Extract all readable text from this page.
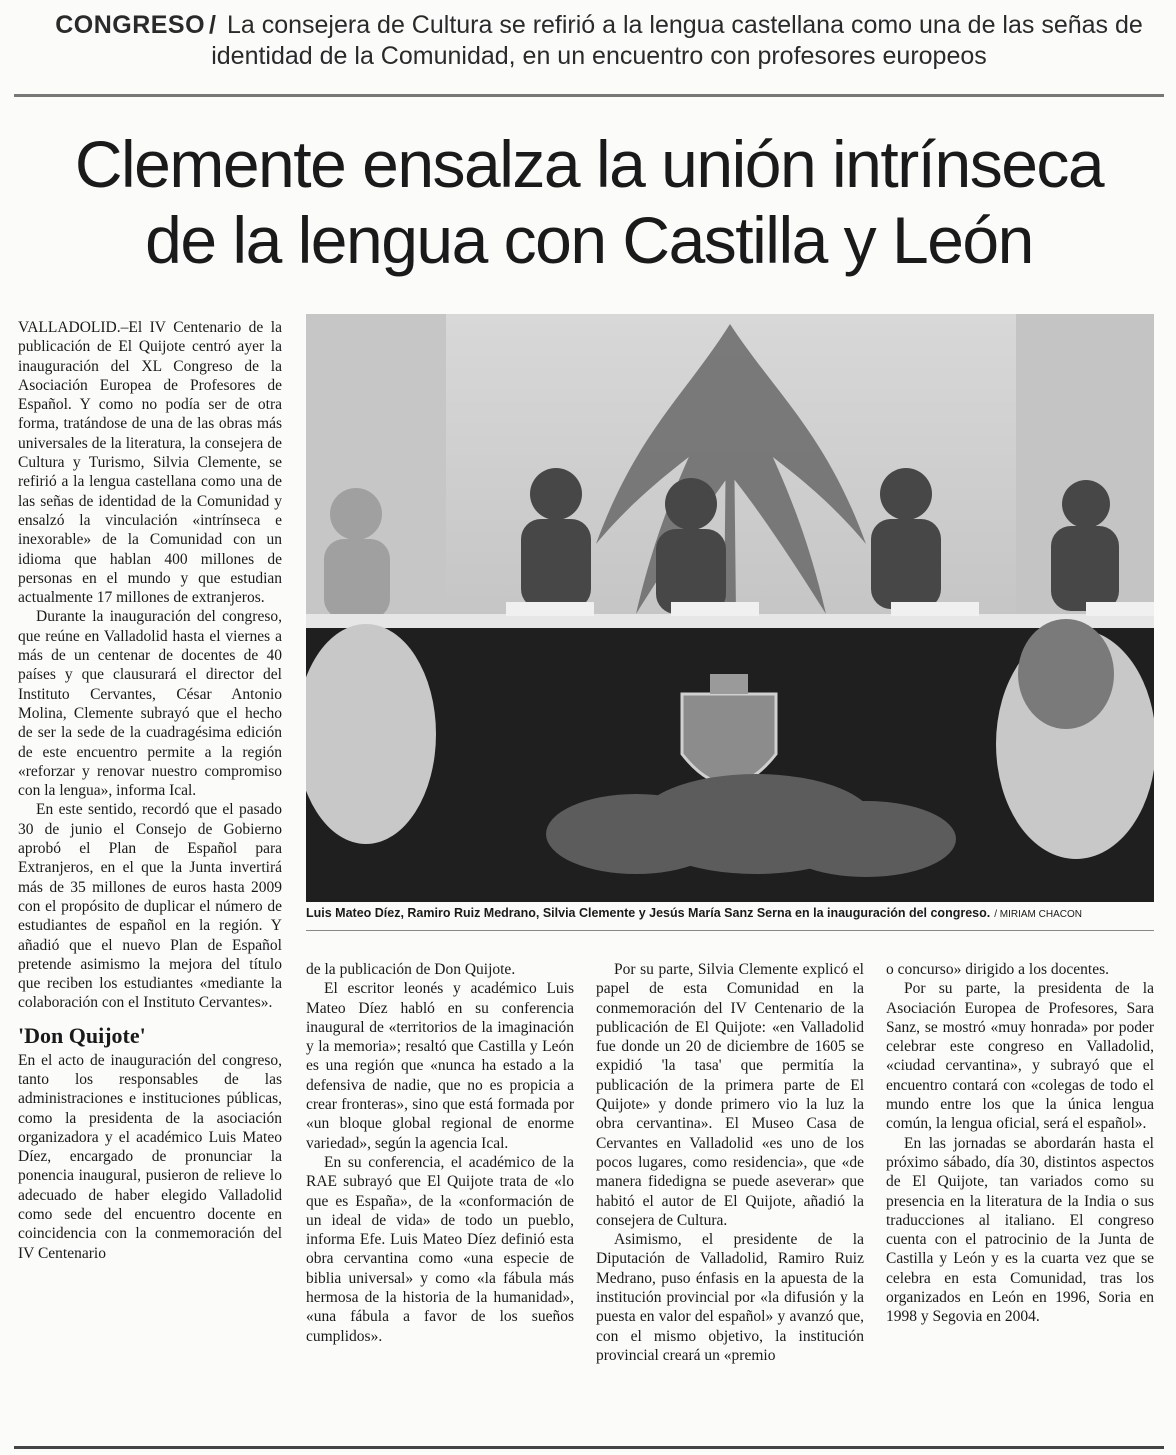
CONGRESO / La consejera de Cultura se refirió a la lengua castellana como una de las señas de identidad de la Comunidad, en un encuentro con profesores europeos
Clemente ensalza la unión intrínseca
de la lengua con Castilla y León

VALLADOLID.–El IV Centenario de la publicación de El Quijote centró ayer la inauguración del XL Congreso de la Asociación Europea de Profesores de Español. Y como no podía ser de otra forma, tratándose de una de las obras más universales de la literatura, la consejera de Cultura y Turismo, Silvia Clemente, se refirió a la lengua castellana como una de las señas de identidad de la Comunidad y ensalzó la vinculación «intrínseca e inexorable» de la Comunidad con un idioma que hablan 400 millones de personas en el mundo y que estudian actualmente 17 millones de extranjeros.

Durante la inauguración del congreso, que reúne en Valladolid hasta el viernes a más de un centenar de docentes de 40 países y que clausurará el director del Instituto Cervantes, César Antonio Molina, Clemente subrayó que el hecho de ser la sede de la cuadragésima edición de este encuentro permite a la región «reforzar y renovar nuestro compromiso con la lengua», informa Ical.

En este sentido, recordó que el pasado 30 de junio el Consejo de Gobierno aprobó el Plan de Español para Extranjeros, en el que la Junta invertirá más de 35 millones de euros hasta 2009 con el propósito de duplicar el número de estudiantes de español en la región. Y añadió que el nuevo Plan de Español pretende asimismo la mejora del título que reciben los estudiantes «mediante la colaboración con el Instituto Cervantes».

'Don Quijote'

En el acto de inauguración del congreso, tanto los responsables de las administraciones e instituciones públicas, como la presidenta de la asociación organizadora y el académico Luis Mateo Díez, encargado de pronunciar la ponencia inaugural, pusieron de relieve lo adecuado de haber elegido Valladolid como sede del encuentro docente en coincidencia con la conmemoración del IV Centenario

Luis Mateo Díez, Ramiro Ruiz Medrano, Silvia Clemente y Jesús María Sanz Serna en la inauguración del congreso. / MIRIAM CHACON

de la publicación de Don Quijote.

El escritor leonés y académico Luis Mateo Díez habló en su conferencia inaugural de «territorios de la imaginación y la memoria»; resaltó que Castilla y León es una región que «nunca ha estado a la defensiva de nadie, que no es propicia a crear fronteras», sino que está formada por «un bloque global regional de enorme variedad», según la agencia Ical.

En su conferencia, el académico de la RAE subrayó que El Quijote trata de «lo que es España», de la «conformación de un ideal de vida» de todo un pueblo, informa Efe. Luis Mateo Díez definió esta obra cervantina como «una especie de biblia universal» y como «la fábula más hermosa de la historia de la humanidad», «una fábula a favor de los sueños cumplidos».

Por su parte, Silvia Clemente explicó el papel de esta Comunidad en la conmemoración del IV Centenario de la publicación de El Quijote: «en Valladolid fue donde un 20 de diciembre de 1605 se expidió 'la tasa' que permitía la publicación de la primera parte de El Quijote» y donde primero vio la luz la obra cervantina». El Museo Casa de Cervantes en Valladolid «es uno de los pocos lugares, como residencia», que «de manera fidedigna se puede aseverar» que habitó el autor de El Quijote, añadió la consejera de Cultura.

Asimismo, el presidente de la Diputación de Valladolid, Ramiro Ruiz Medrano, puso énfasis en la apuesta de la institución provincial por «la difusión y la puesta en valor del español» y avanzó que, con el mismo objetivo, la institución provincial creará un «premio

o concurso» dirigido a los docentes.

Por su parte, la presidenta de la Asociación Europea de Profesores, Sara Sanz, se mostró «muy honrada» por poder celebrar este congreso en Valladolid, «ciudad cervantina», y subrayó que el encuentro contará con «colegas de todo el mundo entre los que la única lengua común, la lengua oficial, será el español».

En las jornadas se abordarán hasta el próximo sábado, día 30, distintos aspectos de El Quijote, tan variados como su presencia en la literatura de la India o sus traducciones al italiano. El congreso cuenta con el patrocinio de la Junta de Castilla y León y es la cuarta vez que se celebra en esta Comunidad, tras los organizados en León en 1996, Soria en 1998 y Segovia en 2004.
